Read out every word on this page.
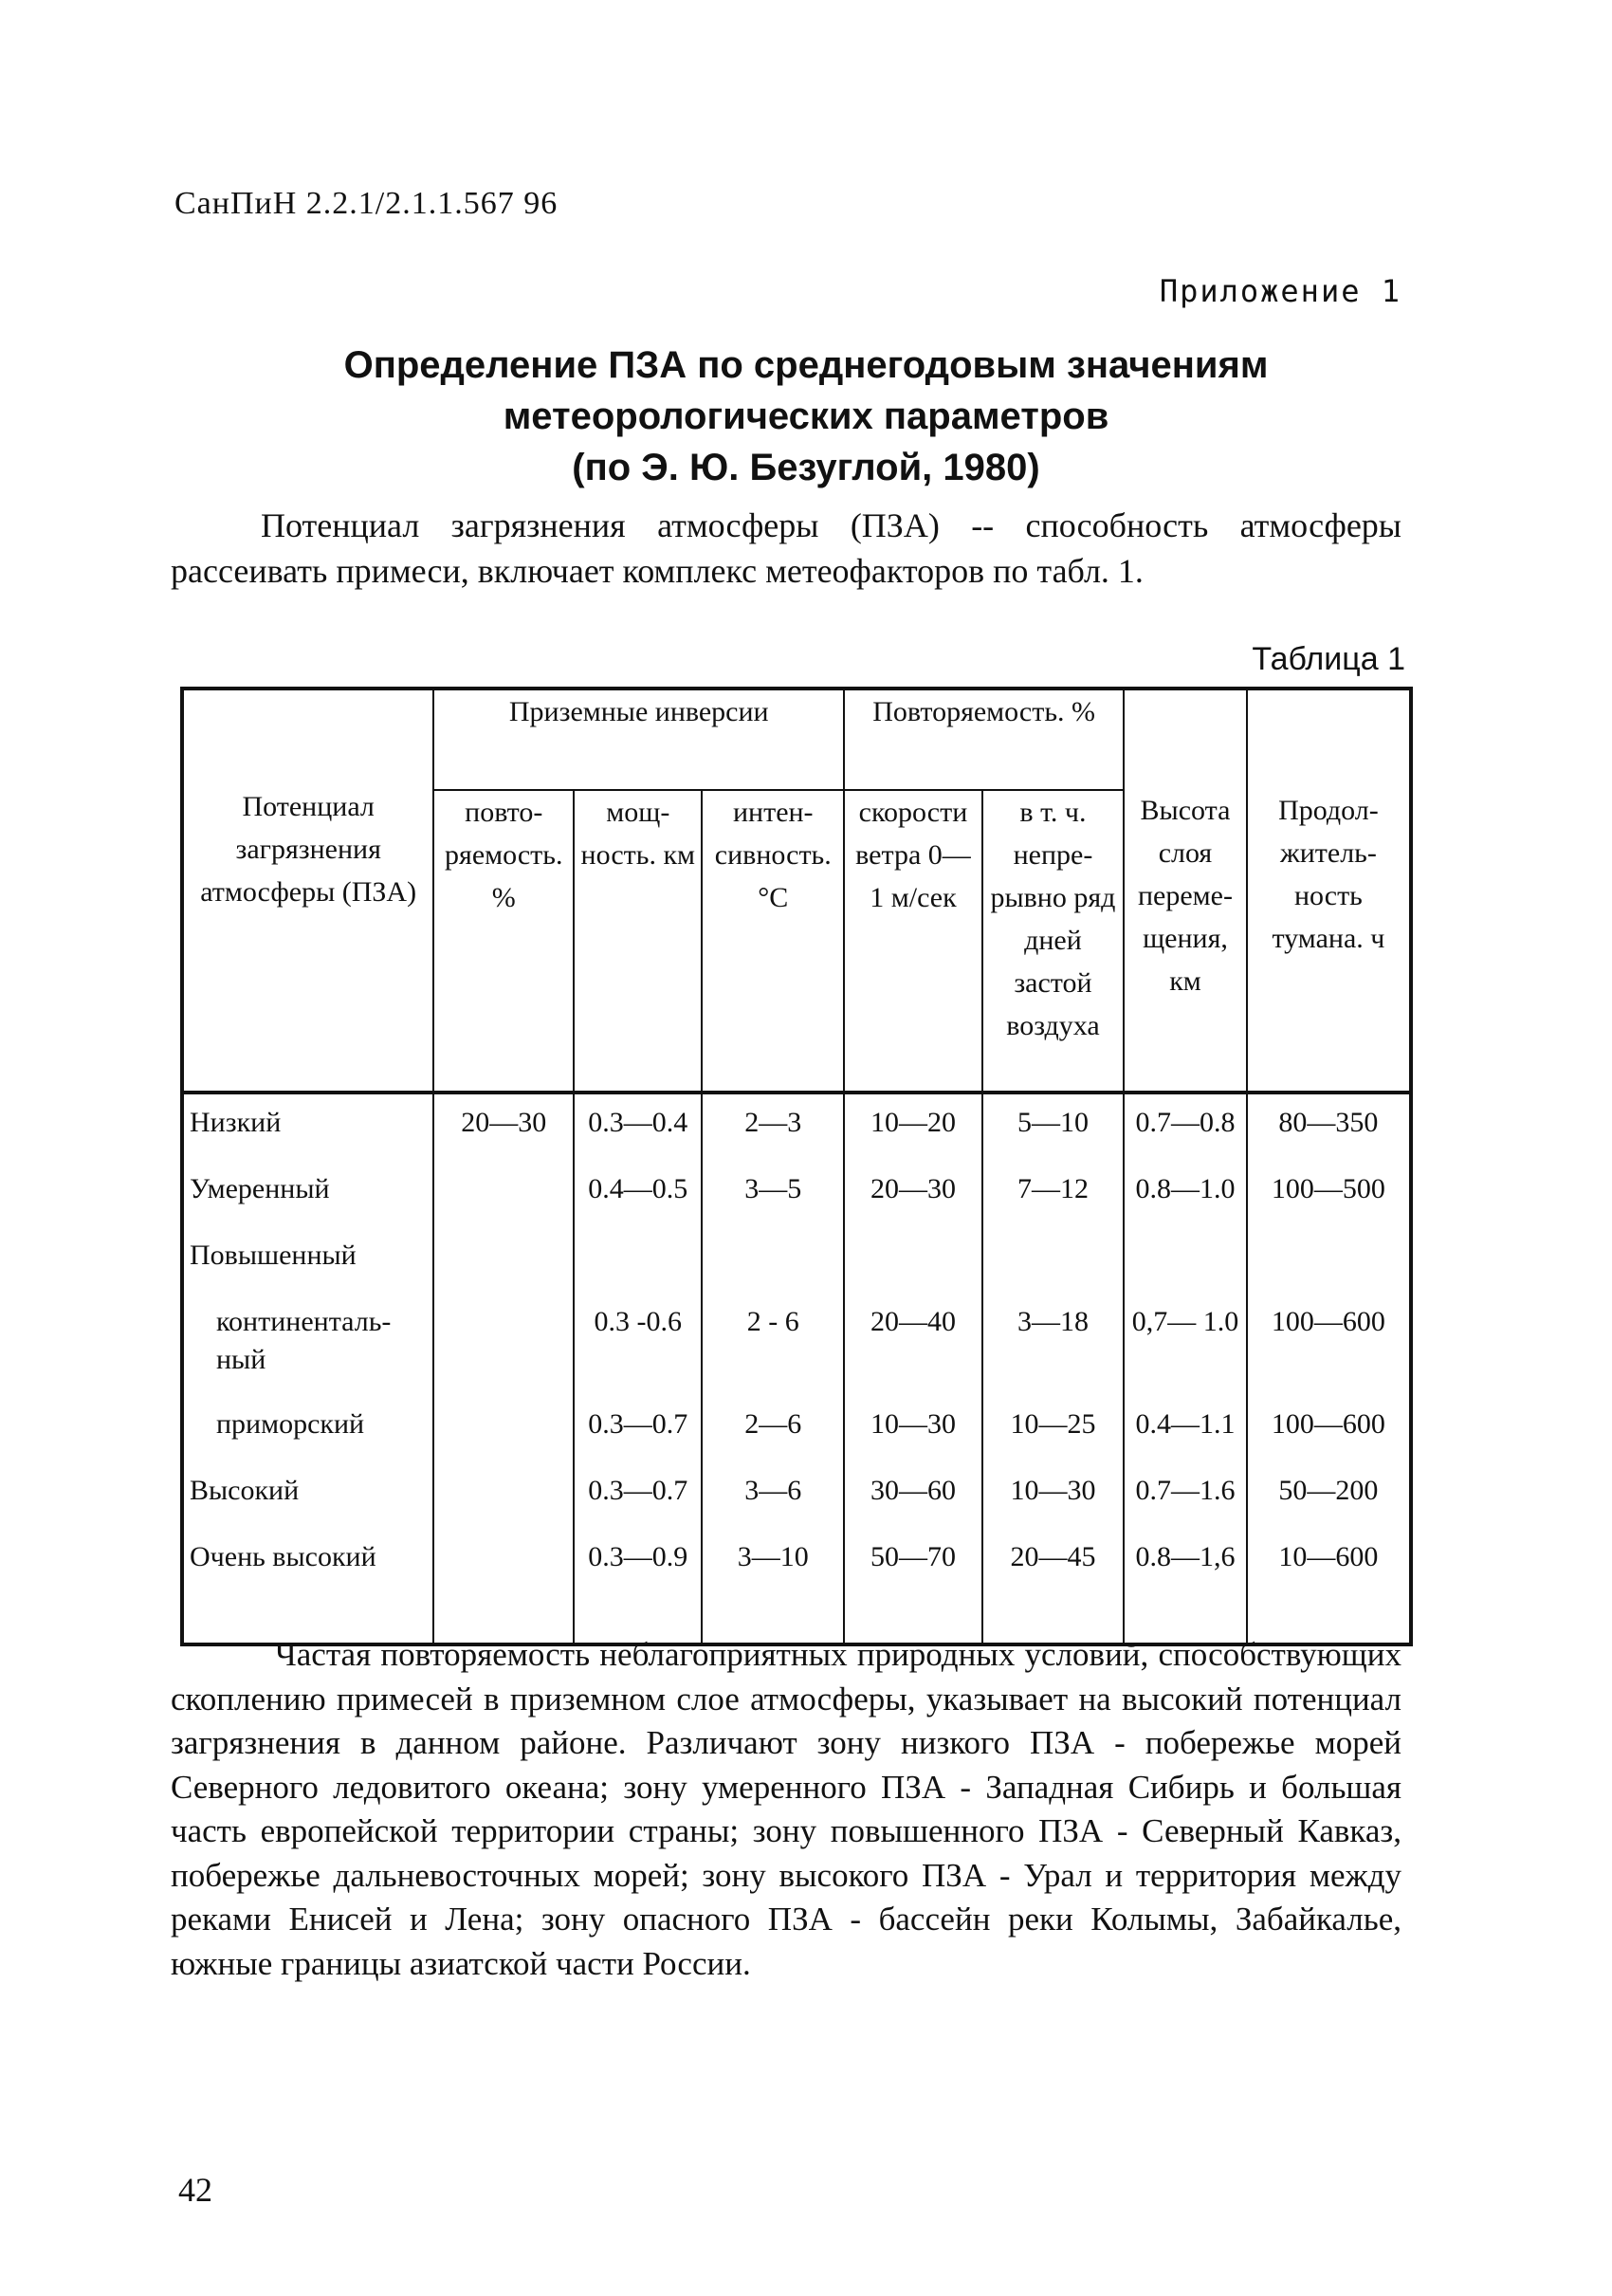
СанПиН 2.2.1/2.1.1.567 96
Приложение 1
Определение ПЗА по среднегодовым значениям
метеорологических параметров
(по Э. Ю. Безуглой, 1980)

Потенциал загрязнения атмосферы (ПЗА) -- способность атмосферы рассеивать примеси, включает комплекс метеофакторов по табл. 1.

Таблица 1
Потенциал загрязнения атмосферы (ПЗА)	Приземные инверсии			Повторяемость. %		Высота слоя переме-щения, км	Продол-житель-ность тумана. ч
	повто-ряемость. %	мощ-ность. км	интен-сивность. °С	скорости ветра 0—1 м/сек	в т. ч. непре-рывно ряд дней застой воздуха		
Низкий	20—30	0.3—0.4	2—3	10—20	5—10	0.7—0.8	80—350
Умеренный		0.4—0.5	3—5	20—30	7—12	0.8—1.0	100—500
Повышенный							
континенталь-ный		0.3 -0.6	2 - 6	20—40	3—18	0,7— 1.0	100—600
приморский		0.3—0.7	2—6	10—30	10—25	0.4—1.1	100—600
Высокий		0.3—0.7	3—6	30—60	10—30	0.7—1.6	50—200
Очень высокий		0.3—0.9	3—10	50—70	20—45	0.8—1,6	10—600

Частая повторяемость неблагоприятных природных условий, способствующих скоплению примесей в приземном слое атмосферы, указывает на высокий потенциал загрязнения в данном районе. Различают зону низкого ПЗА - побережье морей Северного ледовитого океана; зону умеренного ПЗА - Западная Сибирь и большая часть европейской территории страны; зону повышенного ПЗА - Северный Кавказ, побережье дальневосточных морей; зону высокого ПЗА - Урал и территория между реками Енисей и Лена; зону опасного ПЗА - бассейн реки Колымы, Забайкалье, южные границы азиатской части России.

42
